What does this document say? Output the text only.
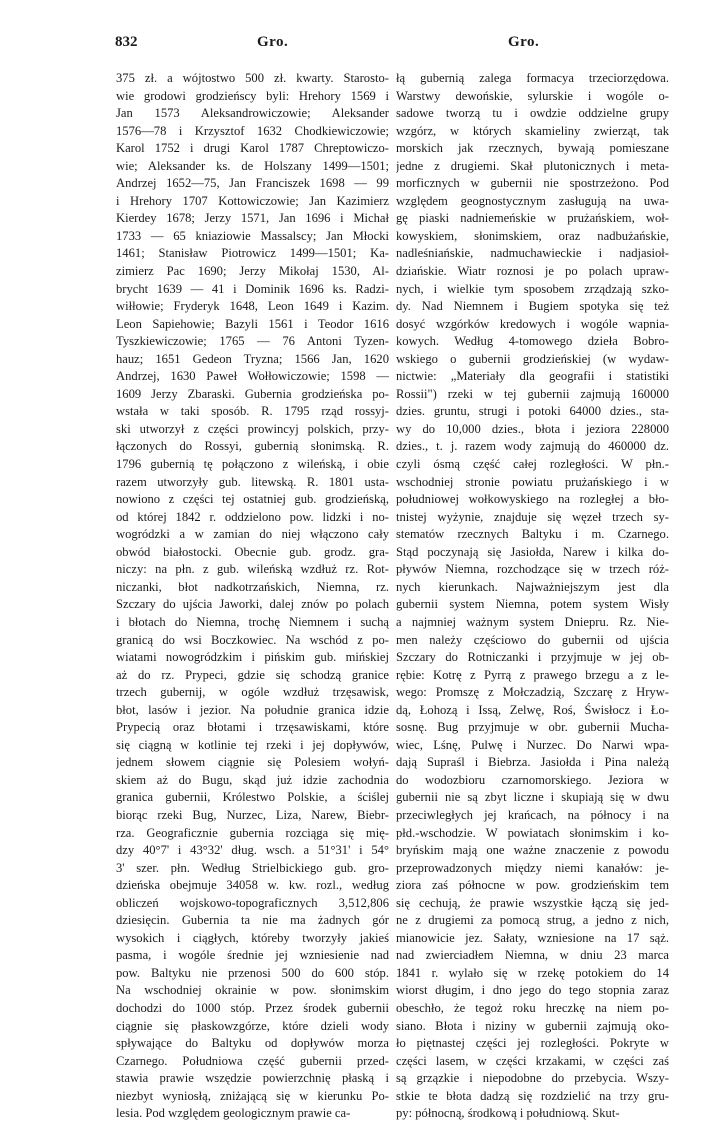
832	Gro.	Gro.
375 zł. a wójtostwo 500 zł. kwarty. Starosto-
wie grodowi grodzieńscy byli: Hrehory 1569 i
Jan 1573 Aleksandrowiczowie; Aleksander
1576—78 i Krzysztof 1632 Chodkiewiczowie;
Karol 1752 i drugi Karol 1787 Chreptowiczo-
wie; Aleksander ks. de Holszany 1499—1501;
Andrzej 1652—75, Jan Franciszek 1698 — 99
i Hrehory 1707 Kottowiczowie; Jan Kazimierz
Kierdey 1678; Jerzy 1571, Jan 1696 i Michał
1733 — 65 kniaziowie Massalscy; Jan Młocki
1461; Stanisław Piotrowicz 1499—1501; Ka-
zimierz Pac 1690; Jerzy Mikołaj 1530, Al-
brycht 1639 — 41 i Dominik 1696 ks. Radzi-
wiłłowie; Fryderyk 1648, Leon 1649 i Kazim.
Leon Sapiehowie; Bazyli 1561 i Teodor 1616
Tyszkiewiczowie; 1765 — 76 Antoni Tyzen-
hauz; 1651 Gedeon Tryzna; 1566 Jan, 1620
Andrzej, 1630 Paweł Wołłowiczowie; 1598 —
1609 Jerzy Zbaraski. Gubernia grodzieńska po-
wstała w taki sposób. R. 1795 rząd rossyj-
ski utworzył z części prowincyj polskich, przy-
łączonych do Rossyi, gubernią słonimską. R.
1796 gubernią tę połączono z wileńską, i obie
razem utworzyły gub. litewską. R. 1801 usta-
nowiono z części tej ostatniej gub. grodzieńską,
od której 1842 r. oddzielono pow. lidzki i no-
wogródzki a w zamian do niej włączono cały
obwód białostocki. Obecnie gub. grodz. gra-
niczy: na płn. z gub. wileńską wzdłuż rz. Rot-
niczanki, błot nadkotrzańskich, Niemna, rz.
Szczary do ujścia Jaworki, dalej znów po polach
i błotach do Niemna, trochę Niemnem i suchą
granicą do wsi Boczkowiec. Na wschód z po-
wiatami nowogródzkim i pińskim gub. mińskiej
aż do rz. Prypeci, gdzie się schodzą granice
trzech gubernij, w ogóle wzdłuż trzęsawisk,
błot, lasów i jezior. Na południe granica idzie
Prypecią oraz błotami i trzęsawiskami, które
się ciągną w kotlinie tej rzeki i jej dopływów,
jednem słowem ciągnie się Polesiem wołyń-
skiem aż do Bugu, skąd już idzie zachodnia
granica gubernii, Królestwo Polskie, a ściślej
biorąc rzeki Bug, Nurzec, Liza, Narew, Biebr-
rza. Geograficznie gubernia rozciąga się mię-
dzy 40°7' i 43°32' dług. wsch. a 51°31' i 54°
3' szer. płn. Według Strielbickiego gub. gro-
dzieńska obejmuje 34058 w. kw. rozl., według
obliczeń wojskowo-topograficznych 3,512,806
dziesięcin. Gubernia ta nie ma żadnych gór
wysokich i ciągłych, któreby tworzyły jakieś
pasma, i wogóle średnie jej wzniesienie nad
pow. Baltyku nie przenosi 500 do 600 stóp.
Na wschodniej okrainie w pow. słonimskim
dochodzi do 1000 stóp. Przez środek gubernii
ciągnie się płaskowzgórze, które dzieli wody
spływające do Baltyku od dopływów morza
Czarnego. Południowa część gubernii przed-
stawia prawie wszędzie powierzchnię płaską i
niezbyt wyniosłą, zniżającą się w kierunku Po-
lesia. Pod względem geologicznym prawie ca-
łą gubernią zalega formacya trzeciorzędowa.
Warstwy dewońskie, sylurskie i wogóle o-
sadowe tworzą tu i owdzie oddzielne grupy
wzgórz, w których skamieliny zwierząt, tak
morskich jak rzecznych, bywają pomieszane
jedne z drugiemi. Skał plutonicznych i meta-
morficznych w gubernii nie spostrzeżono. Pod
względem geognostycznym zasługują na uwa-
gę piaski nadniemeńskie w prużańskiem, woł-
kowyskiem, słonimskiem, oraz nadbużańskie,
nadleśniańskie, nadmuchawieckie i nadjasioł-
dziańskie. Wiatr roznosi je po polach upraw-
nych, i wielkie tym sposobem zrządzają szko-
dy. Nad Niemnem i Bugiem spotyka się też
dosyć wzgórków kredowych i wogóle wapnia-
kowych. Według 4-tomowego dzieła Bobro-
wskiego o gubernii grodzieńskiej (w wydaw-
nictwie: „Materiały dla geografii i statistiki
Rossii") rzeki w tej gubernii zajmują 160000
dzies. gruntu, strugi i potoki 64000 dzies., sta-
wy do 10,000 dzies., błota i jeziora 228000
dzies., t. j. razem wody zajmują do 460000 dz.
czyli ósmą część całej rozległości. W płn.-
wschodniej stronie powiatu prużańskiego i w
południowej wołkowyskiego na rozległej a bło-
tnistej wyżynie, znajduje się węzeł trzech sy-
stematów rzecznych Baltyku i m. Czarnego.
Stąd poczynają się Jasiołda, Narew i kilka do-
pływów Niemna, rozchodzące się w trzech róż-
nych kierunkach. Najważniejszym jest dla
gubernii system Niemna, potem system Wisły
a najmniej ważnym system Dniepru. Rz. Nie-
men należy częściowo do gubernii od ujścia
Szczary do Rotniczanki i przyjmuje w jej ob-
rębie: Kotrę z Pyrrą z prawego brzegu a z le-
wego: Promszę z Mołczadzią, Szczarę z Hryw-
dą, Łohozą i Issą, Zelwę, Roś, Świsłocz i Ło-
sosnę. Bug przyjmuje w obr. gubernii Mucha-
wiec, Lśnę, Pulwę i Nurzec. Do Narwi wpa-
dają Supraśl i Biebrza. Jasiołda i Pina należą
do wodozbioru czarnomorskiego. Jeziora w
gubernii nie są zbyt liczne i skupiają się w dwu
przeciwległych jej krańcach, na północy i na
płd.-wschodzie. W powiatach słonimskim i ko-
bryńskim mają one ważne znaczenie z powodu
przeprowadzonych między niemi kanałów: je-
ziora zaś północne w pow. grodzieńskim tem
się cechują, że prawie wszystkie łączą się jed-
ne z drugiemi za pomocą strug, a jedno z nich,
mianowicie jez. Sałaty, wzniesione na 17 sąż.
nad zwierciadłem Niemna, w dniu 23 marca
1841 r. wylało się w rzekę potokiem do 14
wiorst długim, i dno jego do tego stopnia zaraz
obeschło, że tegoż roku hreczkę na niem po-
siano. Błota i niziny w gubernii zajmują oko-
ło piętnastej części jej rozległości. Pokryte w
części lasem, w części krzakami, w części zaś
są grzązkie i niepodobne do przebycia. Wszy-
stkie te błota dadzą się rozdzielić na trzy gru-
py: północną, środkową i południową. Skut-
